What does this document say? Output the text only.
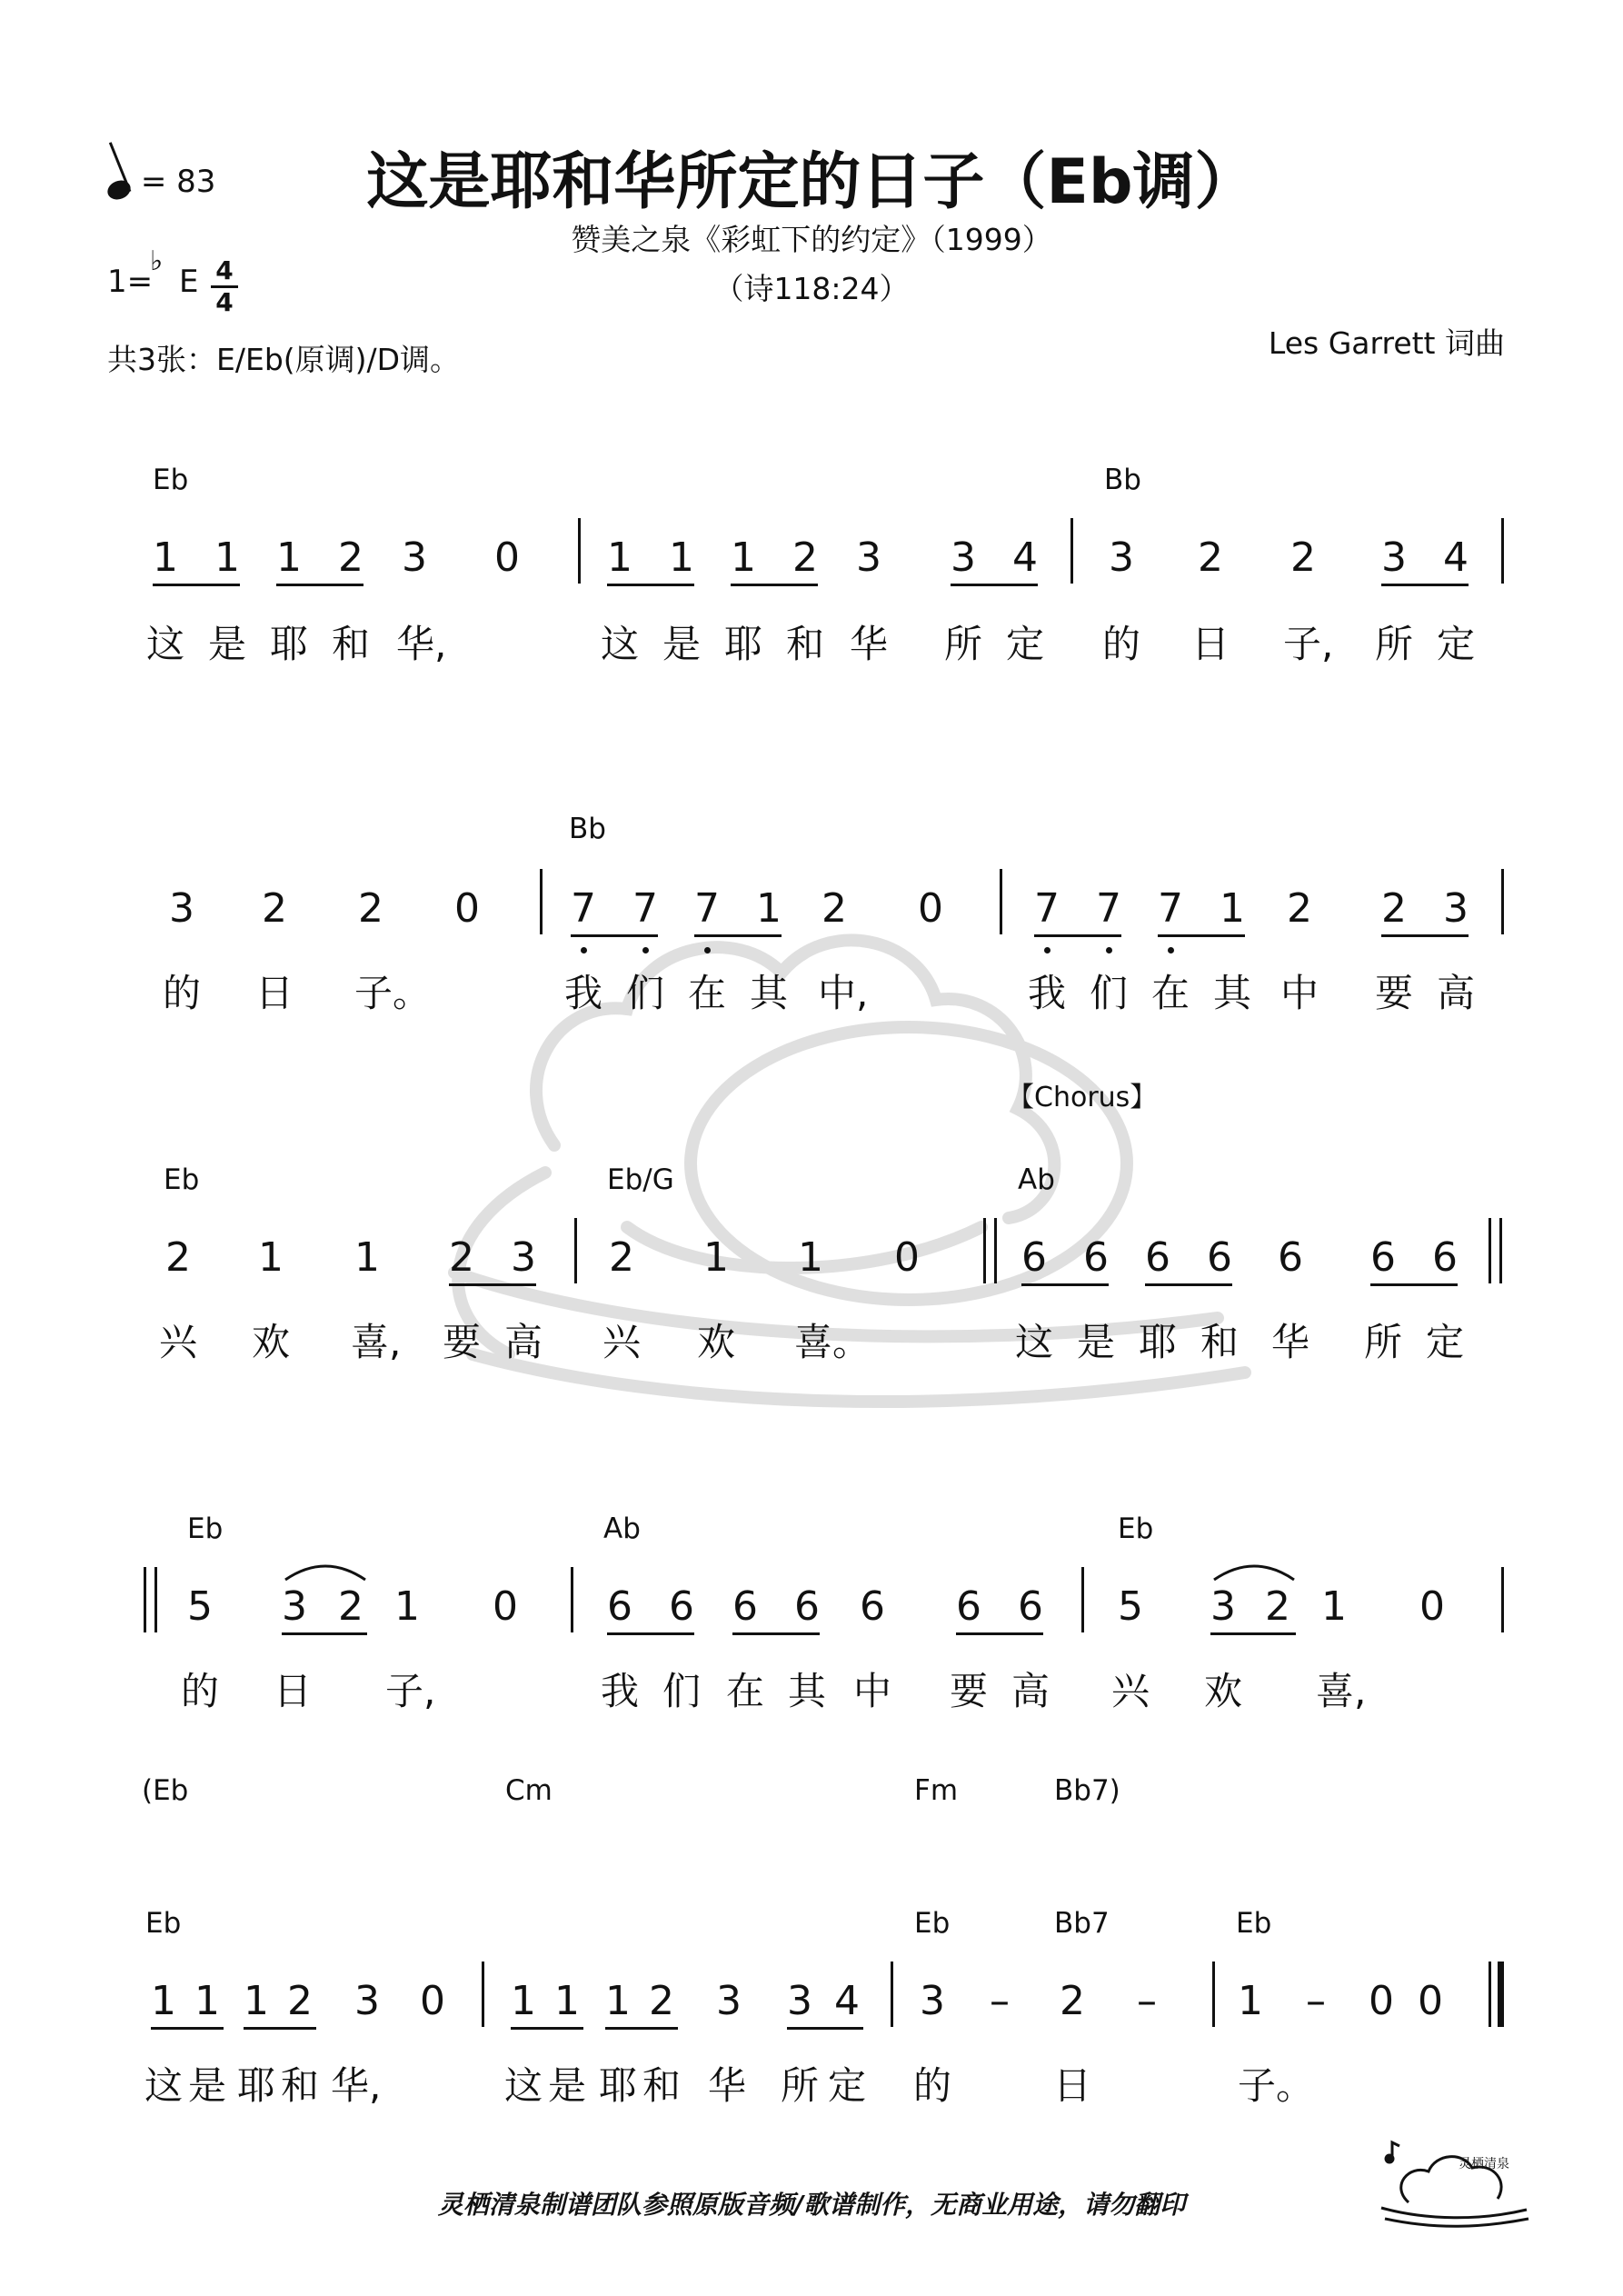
这是耶和华所定的日子（Eb调）
赞美之泉《彩虹下的约定》（1999）
（诗118:24）
= 83
1= E
♭ 4
4
共3张：E/Eb(原调)/D调。	Les Garrett 词曲
Eb	Bb
1 1 1 2 3 0 1 1 1 2 3 3 4 3 2 2 3 4
这 是 耶 和 华,	这 是 耶 和 华 所 定 的 日 子, 所 定
Bb
3 2 2 0 7 7 7 1 2 0 7 7 7 1 2 2 3
的 日 子。	我 们 在 其 中,	我 们 在 其 中 要 高
【Chorus】
Eb	Eb/G	Ab
2 1 1 2 3 2 1 1 0	6 6 6 6 6 6 6
兴 欢 喜, 要 高 兴 欢 喜。	这 是 耶 和 华 所 定
Eb	Ab	Eb
5 3 2 1 0 6 6 6 6 6 6 6 5 3 2 1 0
的 日 子,	我 们 在 其 中 要 高 兴 欢 喜,
(Eb	Cm	Fm	Bb7)
Eb	Eb	Bb7	Eb
1 1 1 2 3 0 1 1 1 2 3 3 4 3 – 2 – 1 – 0 0
这 是 耶 和 华,	这 是 耶 和 华 所 定 的	日	子。
灵栖清泉制谱团队参照原版音频/歌谱制作，无商业用途，请勿翻印
灵栖清泉
